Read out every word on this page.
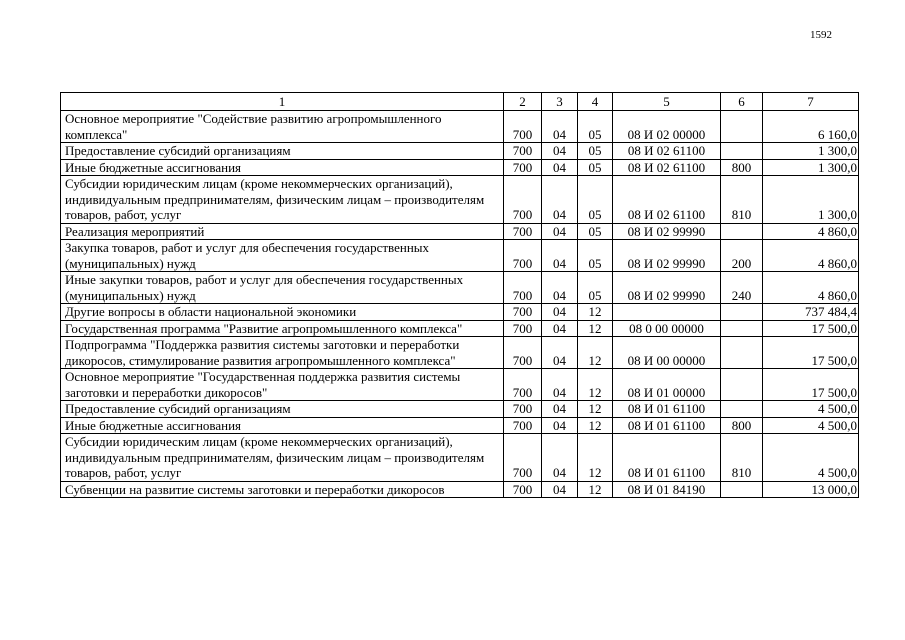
1592
1	2	3	4	5	6	7
Основное мероприятие "Содействие развитию агропромышленного комплекса"	700	04	05	08 И 02 00000		6 160,0
Предоставление субсидий организациям	700	04	05	08 И 02 61100		1 300,0
Иные бюджетные ассигнования	700	04	05	08 И 02 61100	800	1 300,0
Субсидии юридическим лицам (кроме некоммерческих организаций), индивидуальным предпринимателям, физическим лицам – производителям товаров, работ, услуг	700	04	05	08 И 02 61100	810	1 300,0
Реализация мероприятий	700	04	05	08 И 02 99990		4 860,0
Закупка товаров, работ и услуг для обеспечения государственных (муниципальных) нужд	700	04	05	08 И 02 99990	200	4 860,0
Иные закупки товаров, работ и услуг для обеспечения государственных (муниципальных) нужд	700	04	05	08 И 02 99990	240	4 860,0
Другие вопросы в области национальной экономики	700	04	12			737 484,4
Государственная программа "Развитие агропромышленного комплекса"	700	04	12	08 0 00 00000		17 500,0
Подпрограмма "Поддержка развития системы заготовки и переработки дикоросов, стимулирование развития агропромышленного комплекса"	700	04	12	08 И 00 00000		17 500,0
Основное мероприятие "Государственная поддержка развития системы заготовки и переработки дикоросов"	700	04	12	08 И 01 00000		17 500,0
Предоставление субсидий организациям	700	04	12	08 И 01 61100		4 500,0
Иные бюджетные ассигнования	700	04	12	08 И 01 61100	800	4 500,0
Субсидии юридическим лицам (кроме некоммерческих организаций), индивидуальным предпринимателям, физическим лицам – производителям товаров, работ, услуг	700	04	12	08 И 01 61100	810	4 500,0
Субвенции на развитие системы заготовки и переработки дикоросов	700	04	12	08 И 01 84190		13 000,0
